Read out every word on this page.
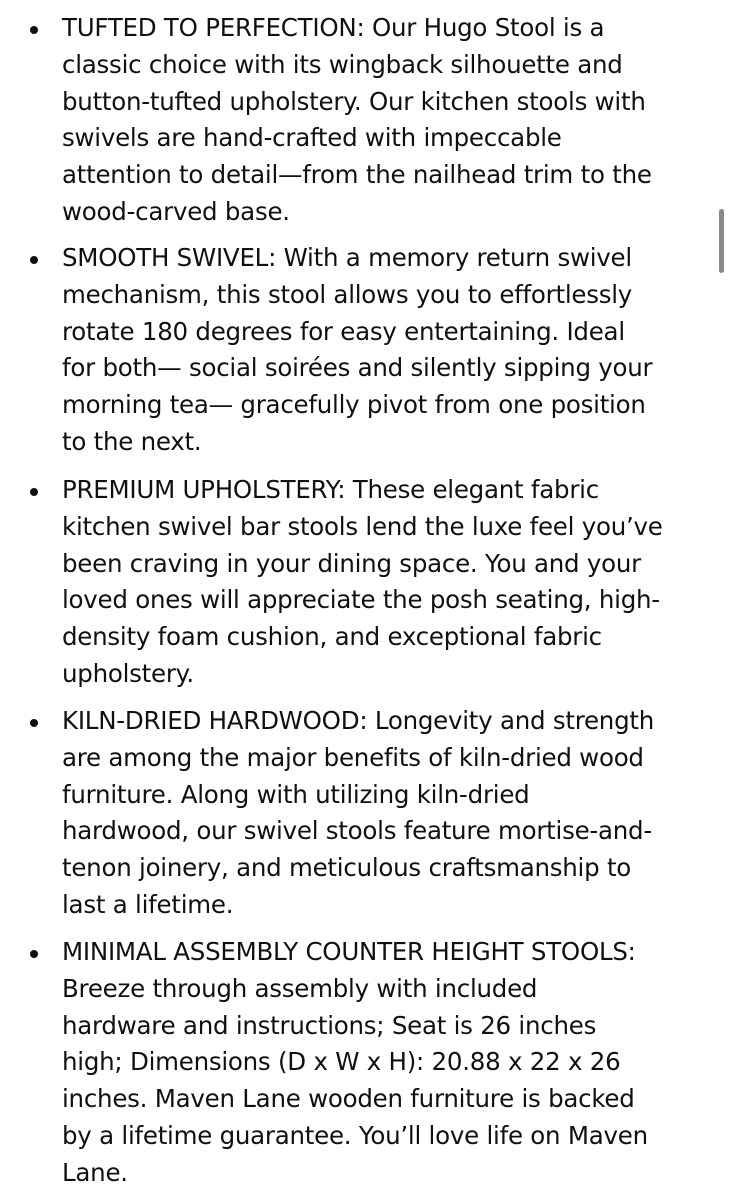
TUFTED TO PERFECTION: Our Hugo Stool is a
classic choice with its wingback silhouette and
button-tufted upholstery. Our kitchen stools with
swivels are hand-crafted with impeccable
attention to detail—from the nailhead trim to the
wood-carved base.
SMOOTH SWIVEL: With a memory return swivel
mechanism, this stool allows you to effortlessly
rotate 180 degrees for easy entertaining. Ideal
for both— social soirées and silently sipping your
morning tea— gracefully pivot from one position
to the next.
PREMIUM UPHOLSTERY: These elegant fabric
kitchen swivel bar stools lend the luxe feel you’ve
been craving in your dining space. You and your
loved ones will appreciate the posh seating, high-
density foam cushion, and exceptional fabric
upholstery.
KILN-DRIED HARDWOOD: Longevity and strength
are among the major benefits of kiln-dried wood
furniture. Along with utilizing kiln-dried
hardwood, our swivel stools feature mortise-and-
tenon joinery, and meticulous craftsmanship to
last a lifetime.
MINIMAL ASSEMBLY COUNTER HEIGHT STOOLS:
Breeze through assembly with included
hardware and instructions; Seat is 26 inches
high; Dimensions (D x W x H): 20.88 x 22 x 26
inches. Maven Lane wooden furniture is backed
by a lifetime guarantee. You’ll love life on Maven
Lane.
